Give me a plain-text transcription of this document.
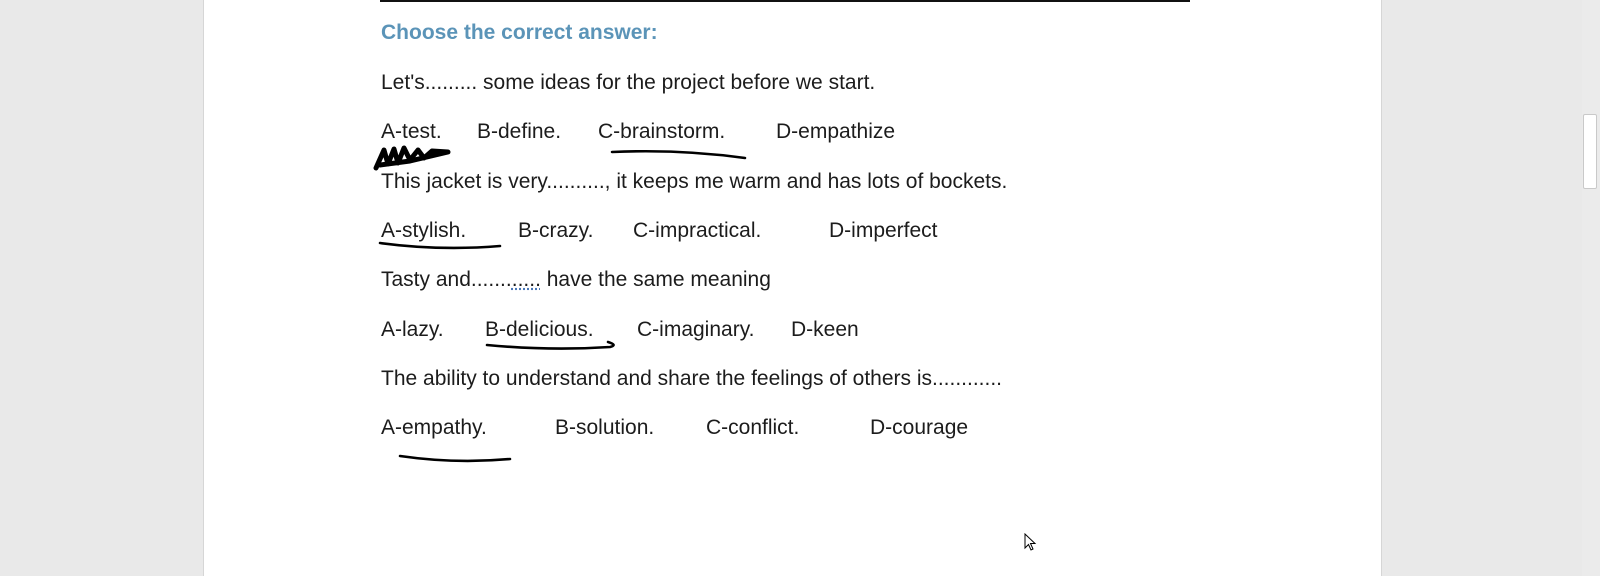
Choose the correct answer:
Let's......... some ideas for the project before we start.
A-test. B-define. C-brainstorm. D-empathize
This jacket is very.........., it keeps me warm and has lots of bockets.
A-stylish. B-crazy. C-impractical.	D-imperfect
Tasty and............ have the same meaning
A-lazy. B-delicious. C-imaginary. D-keen
The ability to understand and share the feelings of others is............
A-empathy.	B-solution. C-conflict.	D-courage
